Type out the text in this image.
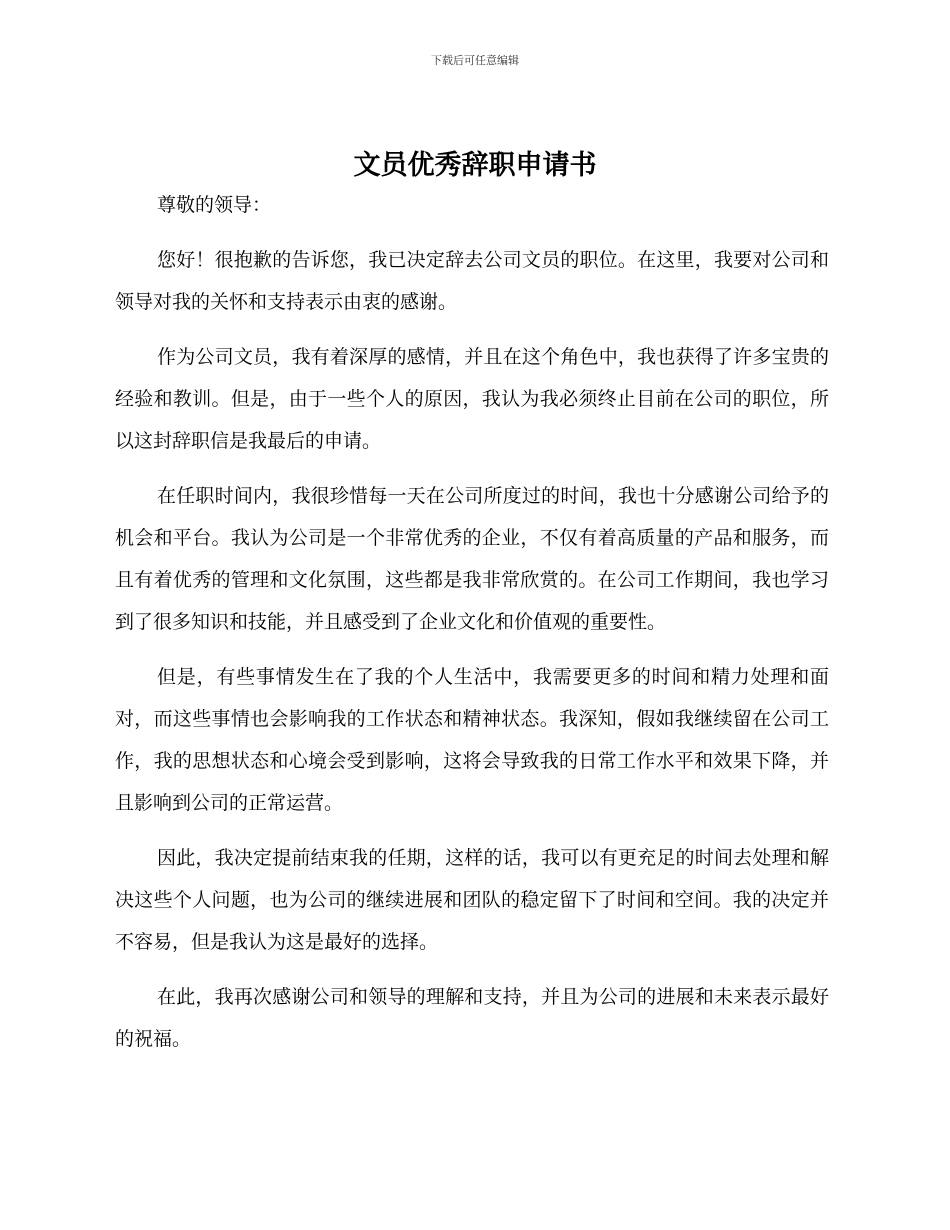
下载后可任意编辑
文员优秀辞职申请书

尊敬的领导：

您好！很抱歉的告诉您，我已决定辞去公司文员的职位。在这里，我要对公司和领导对我的关怀和支持表示由衷的感谢。

作为公司文员，我有着深厚的感情，并且在这个角色中，我也获得了许多宝贵的经验和教训。但是，由于一些个人的原因，我认为我必须终止目前在公司的职位，所以这封辞职信是我最后的申请。

在任职时间内，我很珍惜每一天在公司所度过的时间，我也十分感谢公司给予的机会和平台。我认为公司是一个非常优秀的企业，不仅有着高质量的产品和服务，而且有着优秀的管理和文化氛围，这些都是我非常欣赏的。在公司工作期间，我也学习到了很多知识和技能，并且感受到了企业文化和价值观的重要性。

但是，有些事情发生在了我的个人生活中，我需要更多的时间和精力处理和面对，而这些事情也会影响我的工作状态和精神状态。我深知，假如我继续留在公司工作，我的思想状态和心境会受到影响，这将会导致我的日常工作水平和效果下降，并且影响到公司的正常运营。

因此，我决定提前结束我的任期，这样的话，我可以有更充足的时间去处理和解决这些个人问题，也为公司的继续进展和团队的稳定留下了时间和空间。我的决定并不容易，但是我认为这是最好的选择。

在此，我再次感谢公司和领导的理解和支持，并且为公司的进展和未来表示最好的祝福。
